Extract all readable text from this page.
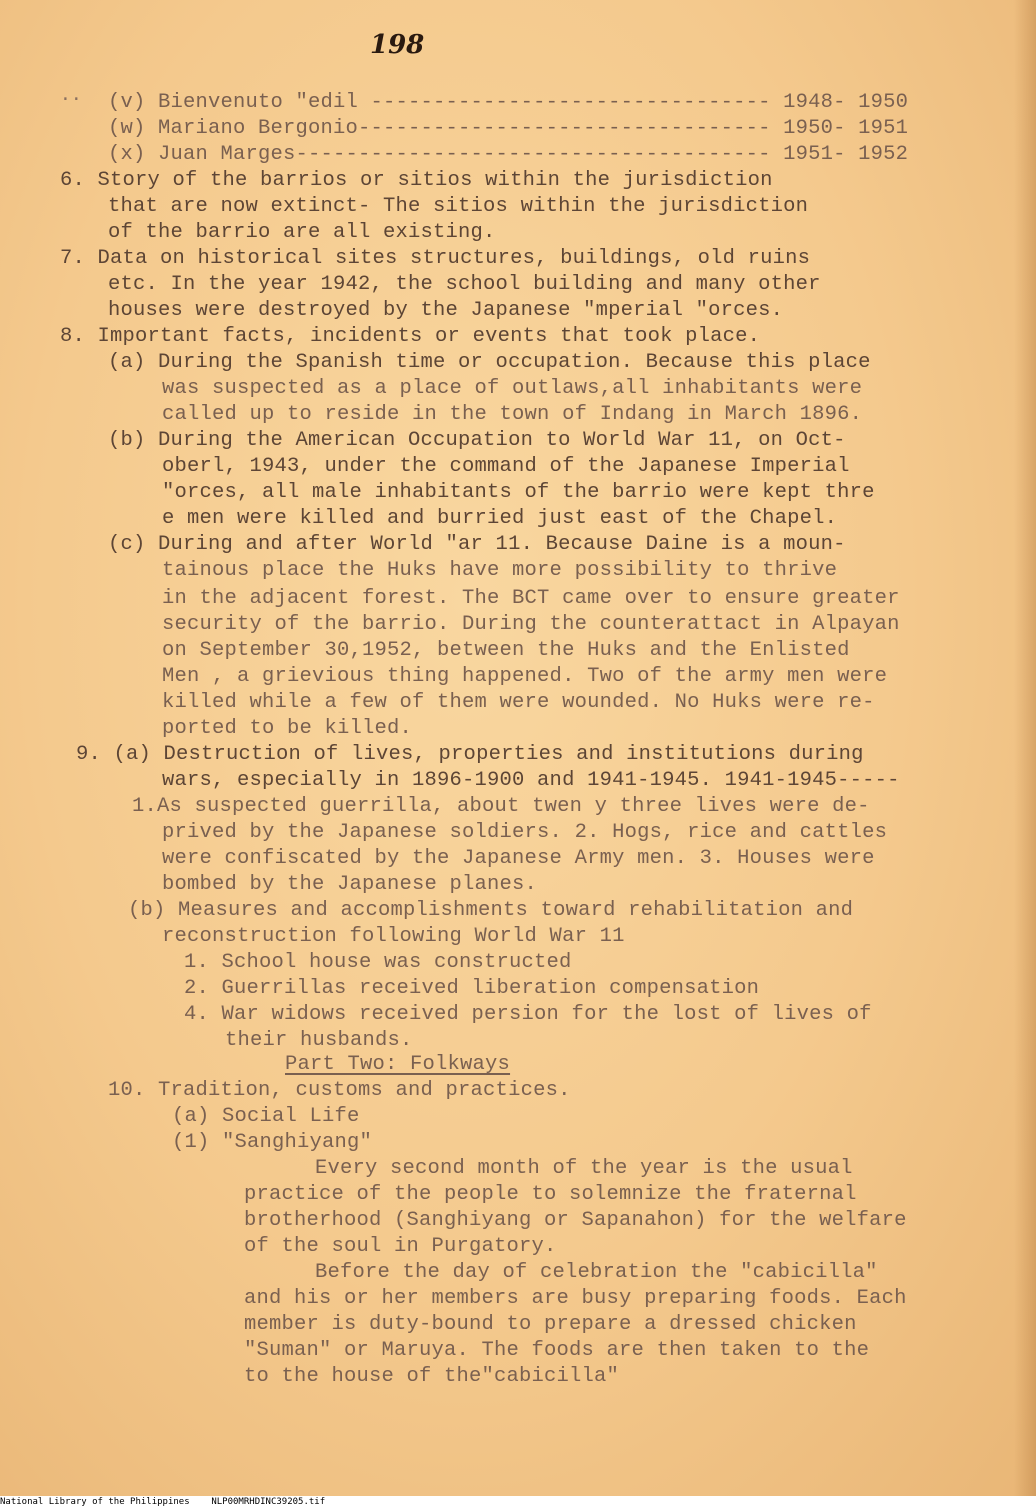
198
.. (v) Bienvenuto "edil -------------------------------- 1948- 1950
(w) Mariano Bergonio--------------------------------- 1950- 1951
(x) Juan Marges-------------------------------------- 1951- 1952
6. Story of the barrios or sitios within the jurisdiction
that are now extinct- The sitios within the jurisdiction
of the barrio are all existing.
7. Data on historical sites structures, buildings, old ruins
etc. In the year 1942, the school building and many other
houses were destroyed by the Japanese "mperial "orces.
8. Important facts, incidents or events that took place.
(a) During the Spanish time or occupation. Because this place
was suspected as a place of outlaws,all inhabitants were
called up to reside in the town of Indang in March 1896.
(b) During the American Occupation to World War 11, on Oct-
oberl, 1943, under the command of the Japanese Imperial
"orces, all male inhabitants of the barrio were kept thre
e men were killed and burried just east of the Chapel.
(c) During and after World "ar 11. Because Daine is a moun-
tainous place the Huks have more possibility to thrive
in the adjacent forest. The BCT came over to ensure greater
security of the barrio. During the counterattact in Alpayan
on September 30,1952, between the Huks and the Enlisted
Men , a grievious thing happened. Two of the army men were
killed while a few of them were wounded. No Huks were re-
ported to be killed.
9. (a) Destruction of lives, properties and institutions during
wars, especially in 1896-1900 and 1941-1945. 1941-1945-----
1.As suspected guerrilla, about twen y three lives were de-
prived by the Japanese soldiers. 2. Hogs, rice and cattles
were confiscated by the Japanese Army men. 3. Houses were
bombed by the Japanese planes.
(b) Measures and accomplishments toward rehabilitation and
reconstruction following World War 11
1. School house was constructed
2. Guerrillas received liberation compensation
4. War widows received persion for the lost of lives of
their husbands.
Part Two: Folkways
10. Tradition, customs and practices.
(a) Social Life
(1) "Sanghiyang"
Every second month of the year is the usual
practice of the people to solemnize the fraternal
brotherhood (Sanghiyang or Sapanahon) for the welfare
of the soul in Purgatory.
Before the day of celebration the "cabicilla"
and his or her members are busy preparing foods. Each
member is duty-bound to prepare a dressed chicken
"Suman" or Maruya. The foods are then taken to the
to the house of the"cabicilla"
National Library of the Philippines NLP00MRHDINC39205.tif
